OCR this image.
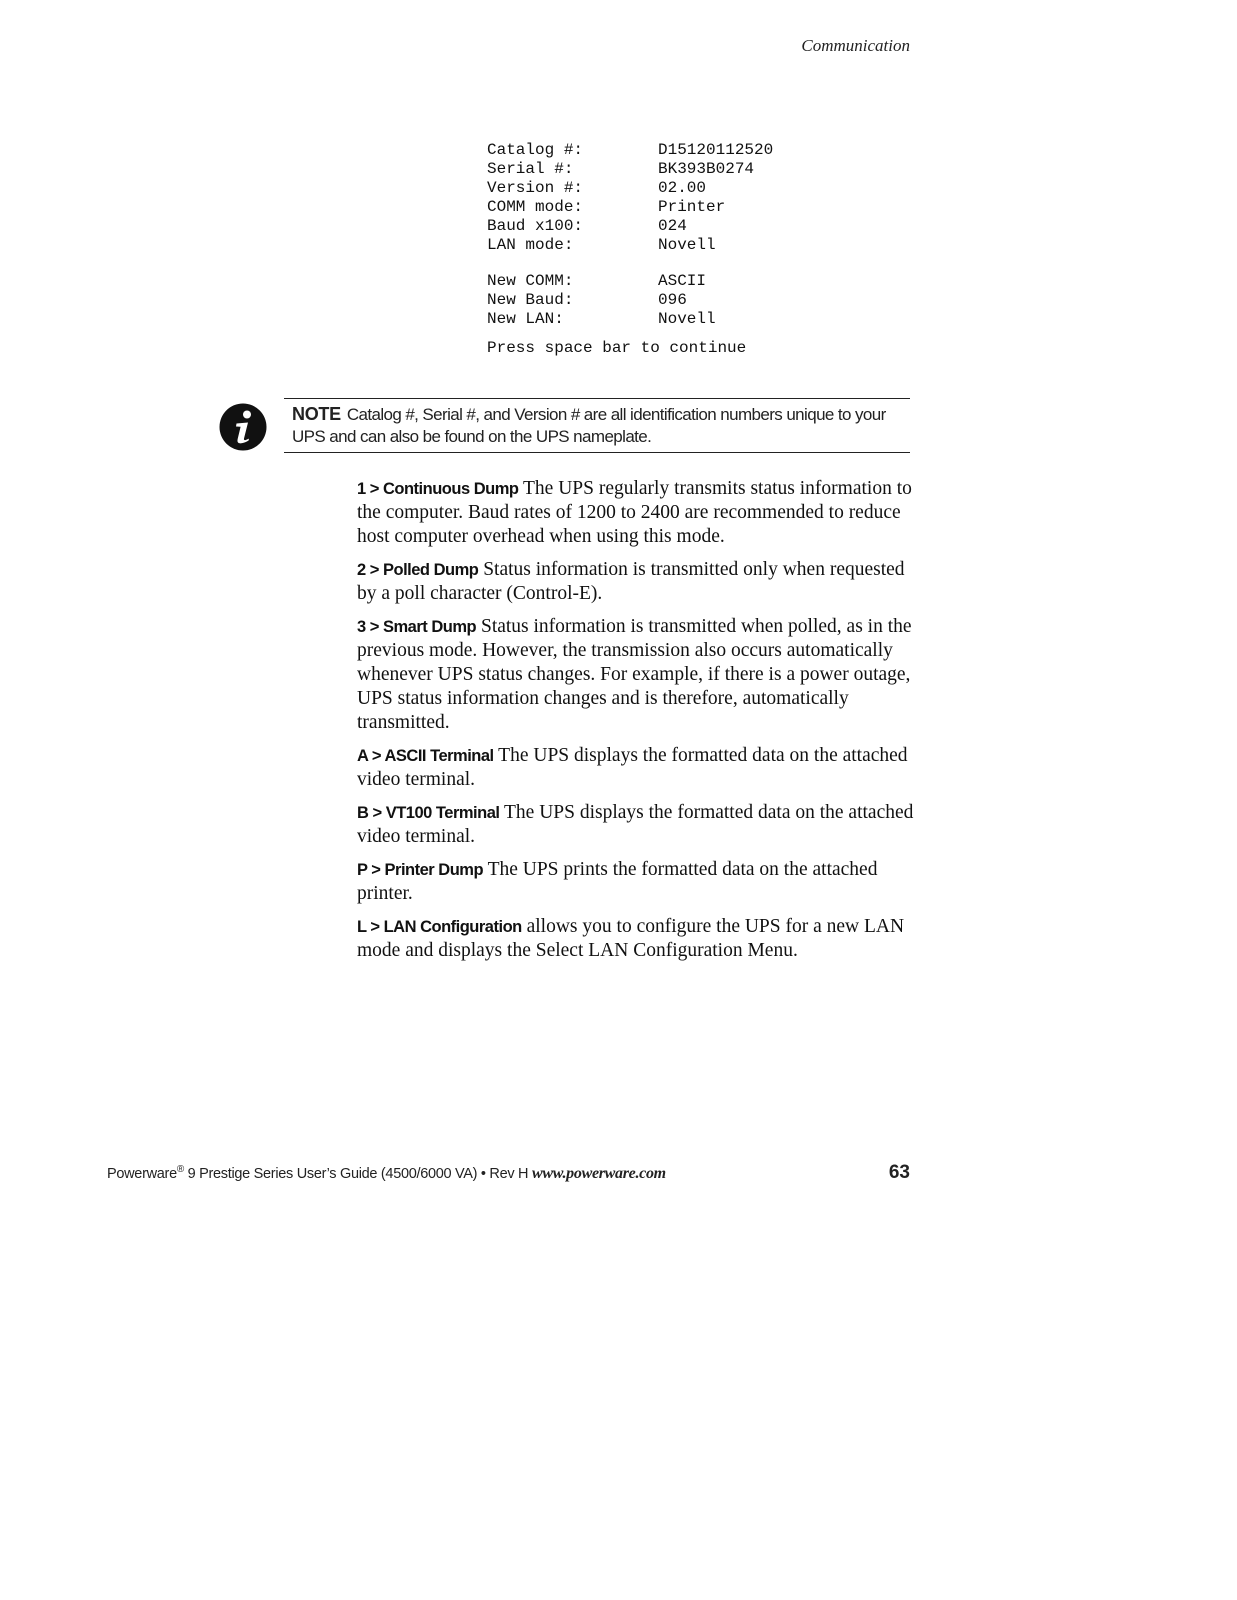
Communication
Catalog #:	D15120112520
Serial #:	BK393B0274
Version #:	02.00
COMM mode:	Printer
Baud x100:	024
LAN mode:	Novell
New COMM:	ASCII
New Baud:	096
New LAN:	Novell
Press space bar to continue
NOTE Catalog #, Serial #, and Version # are all identification numbers unique to your UPS and can also be found on the UPS nameplate.

1 > Continuous Dump The UPS regularly transmits status information to the computer. Baud rates of 1200 to 2400 are recommended to reduce host computer overhead when using this mode.

2 > Polled Dump Status information is transmitted only when requested by a poll character (Control-E).

3 > Smart Dump Status information is transmitted when polled, as in the previous mode. However, the transmission also occurs automatically whenever UPS status changes. For example, if there is a power outage, UPS status information changes and is therefore, automatically transmitted.

A > ASCII Terminal The UPS displays the formatted data on the attached video terminal.

B > VT100 Terminal The UPS displays the formatted data on the attached video terminal.

P > Printer Dump The UPS prints the formatted data on the attached printer.

L > LAN Configuration allows you to configure the UPS for a new LAN mode and displays the Select LAN Configuration Menu.

Powerware® 9 Prestige Series User’s Guide (4500/6000 VA) • Rev H www.powerware.com	63
